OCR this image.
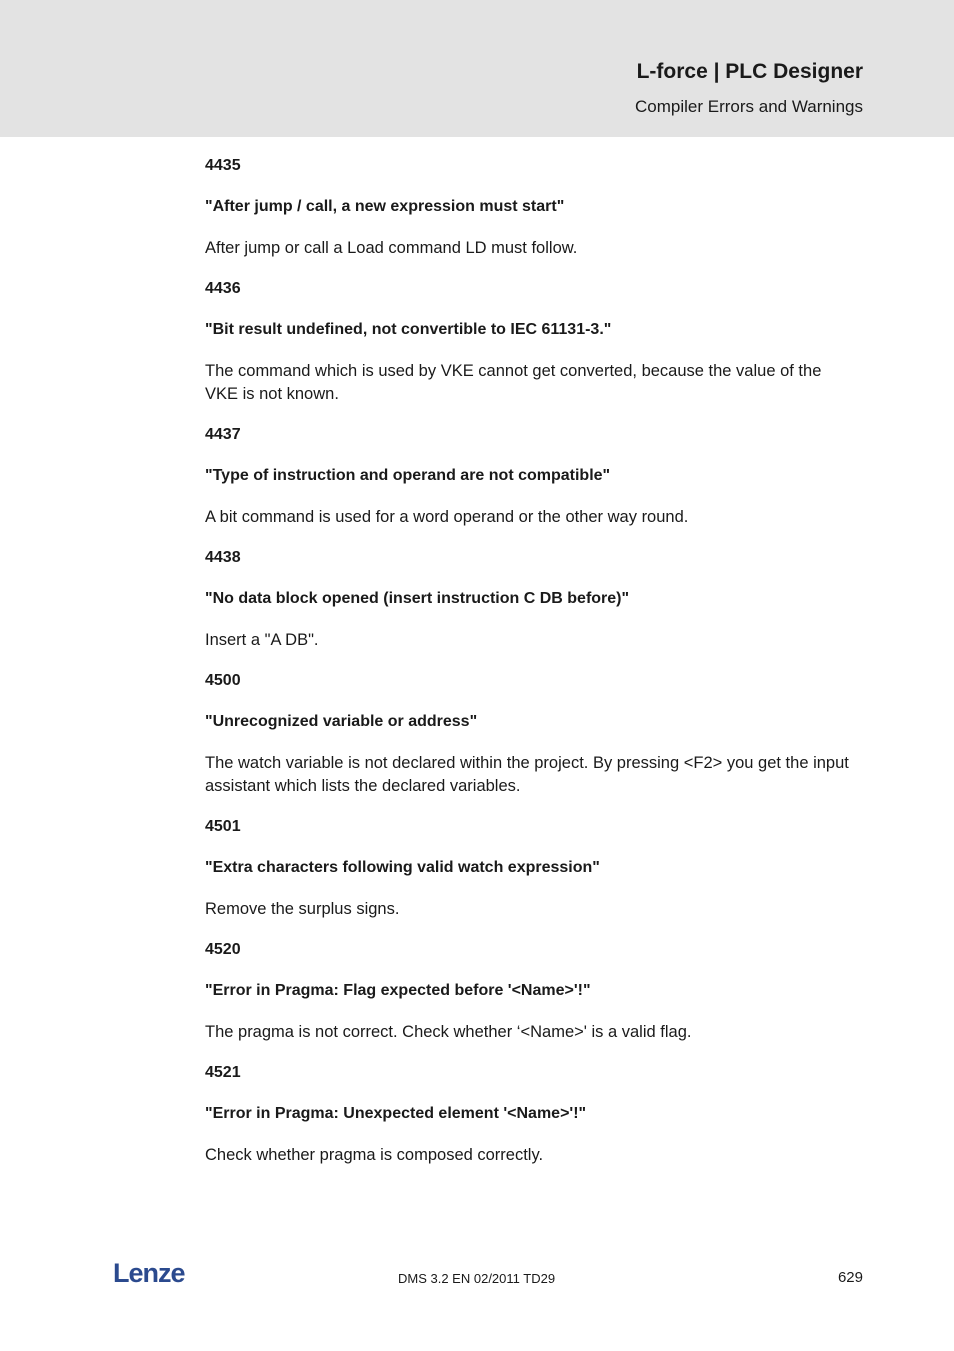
L-force | PLC Designer
Compiler Errors and Warnings
4435
"After jump / call, a new expression must start"
After jump or call a Load command LD must follow.
4436
"Bit result undefined, not convertible to IEC 61131-3."
The command which is used by VKE cannot get converted, because the value of the VKE is not known.
4437
"Type of instruction and operand are not compatible"
A bit command is used for a word operand or the other way round.
4438
"No data block opened (insert instruction C DB before)"
Insert a "A DB".
4500
"Unrecognized variable or address"
The watch variable is not declared within the project. By pressing <F2> you get the input assistant which lists the declared variables.
4501
"Extra characters following valid watch expression"
Remove the surplus signs.
4520
"Error in Pragma: Flag expected before '<Name>'!"
The pragma is not correct. Check whether ‘<Name>' is a valid flag.
4521
"Error in Pragma: Unexpected element '<Name>'!"
Check whether pragma is composed correctly.
Lenze	DMS 3.2 EN 02/2011 TD29	629
